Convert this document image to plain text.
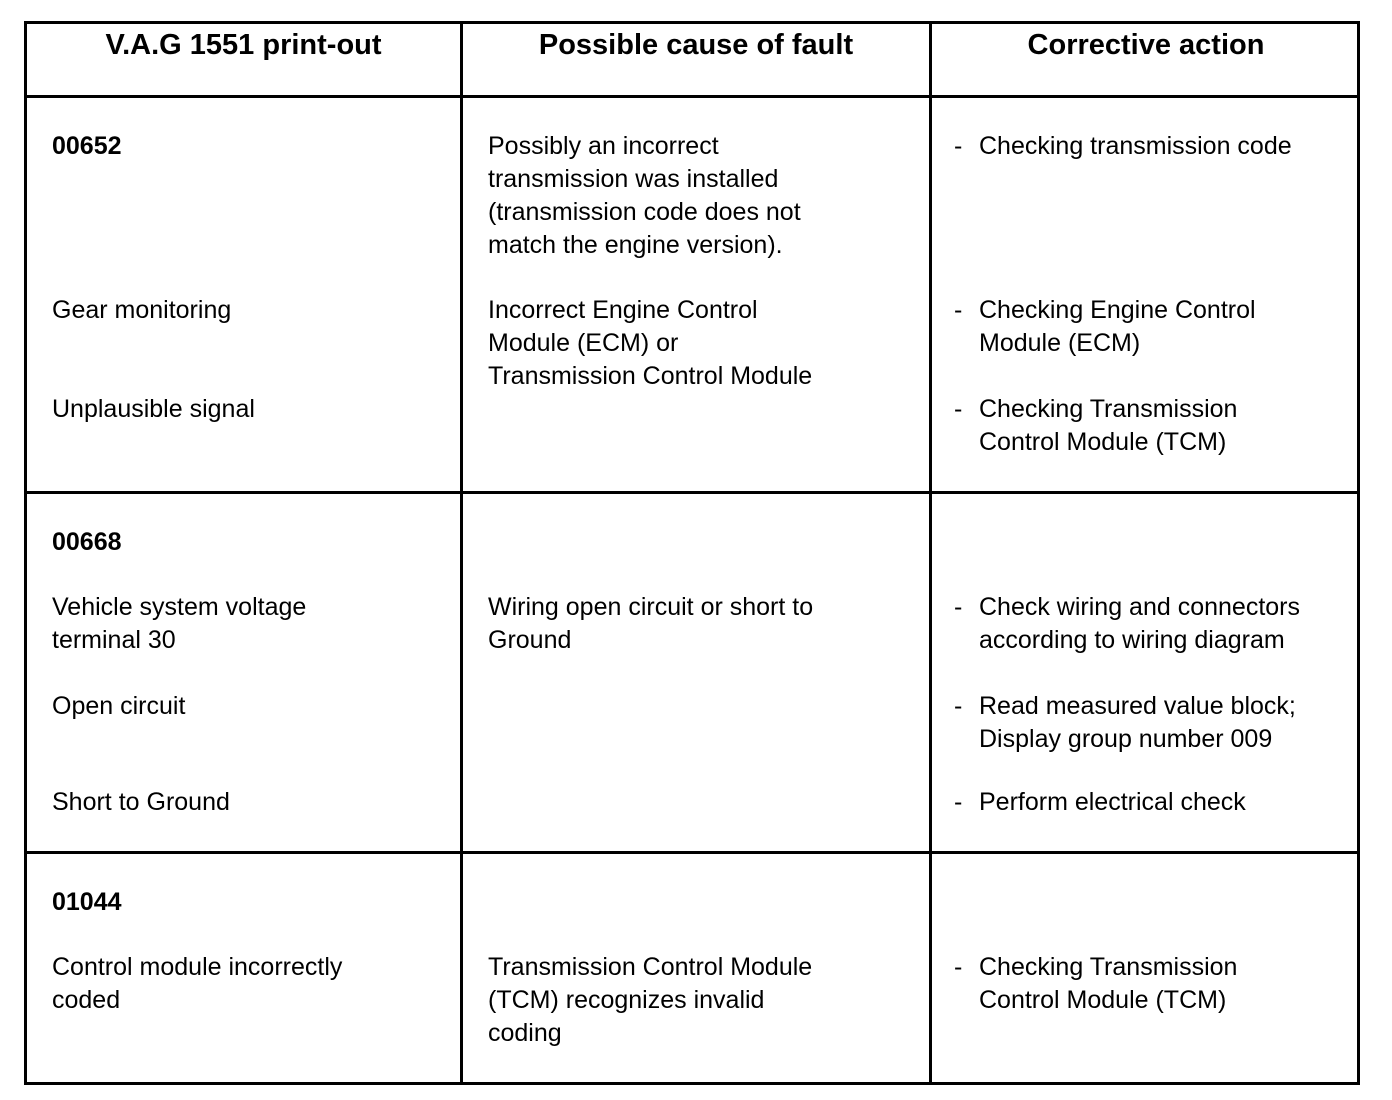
V.A.G 1551 print-out	Possible cause of fault	Corrective action
00652
Gear monitoring
Unplausible signal
Possibly an incorrect
transmission was installed
(transmission code does not
match the engine version).
Incorrect Engine Control
Module (ECM) or
Transmission Control Module
- Checking transmission code
- Checking Engine Control
Module (ECM)
- Checking Transmission
Control Module (TCM)
00668
Vehicle system voltage
terminal 30
Open circuit
Short to Ground
Wiring open circuit or short to
Ground
- Check wiring and connectors
according to wiring diagram
- Read measured value block;
Display group number 009
- Perform electrical check
01044
Control module incorrectly
coded
Transmission Control Module
(TCM) recognizes invalid
coding
- Checking Transmission
Control Module (TCM)
